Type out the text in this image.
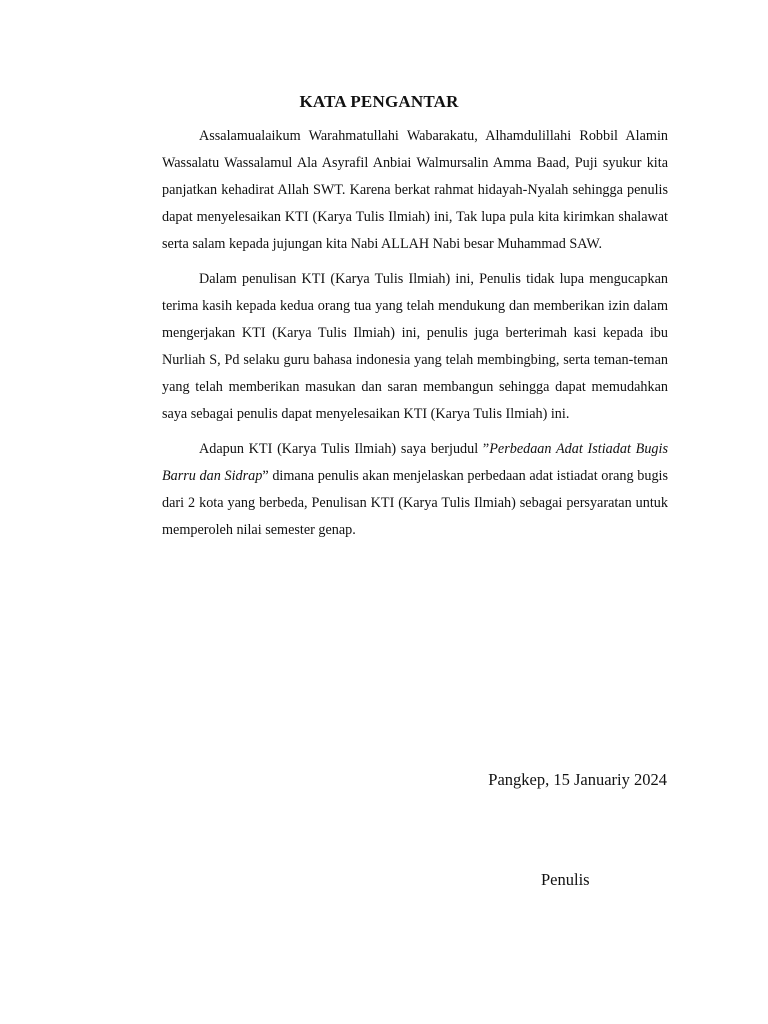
KATA PENGANTAR

Assalamualaikum Warahmatullahi Wabarakatu, Alhamdulillahi Robbil Alamin Wassalatu Wassalamul Ala Asyrafil Anbiai Walmursalin Amma Baad, Puji syukur kita panjatkan kehadirat Allah SWT. Karena berkat rahmat hidayah-Nyalah sehingga penulis dapat menyelesaikan KTI (Karya Tulis Ilmiah) ini, Tak lupa pula kita kirimkan shalawat serta salam kepada jujungan kita Nabi ALLAH Nabi besar Muhammad SAW.

Dalam penulisan KTI (Karya Tulis Ilmiah) ini, Penulis tidak lupa mengucapkan terima kasih kepada kedua orang tua yang telah mendukung dan memberikan izin dalam mengerjakan KTI (Karya Tulis Ilmiah) ini, penulis juga berterimah kasi kepada ibu Nurliah S, Pd selaku guru bahasa indonesia yang telah membingbing, serta teman-teman yang telah memberikan masukan dan saran membangun sehingga dapat memudahkan saya sebagai penulis dapat menyelesaikan KTI (Karya Tulis Ilmiah) ini.

Adapun KTI (Karya Tulis Ilmiah) saya berjudul ”Perbedaan Adat Istiadat Bugis Barru dan Sidrap” dimana penulis akan menjelaskan perbedaan adat istiadat orang bugis dari 2 kota yang berbeda, Penulisan KTI (Karya Tulis Ilmiah) sebagai persyaratan untuk memperoleh nilai semester genap.

Pangkep, 15 Januariy 2024
Penulis
